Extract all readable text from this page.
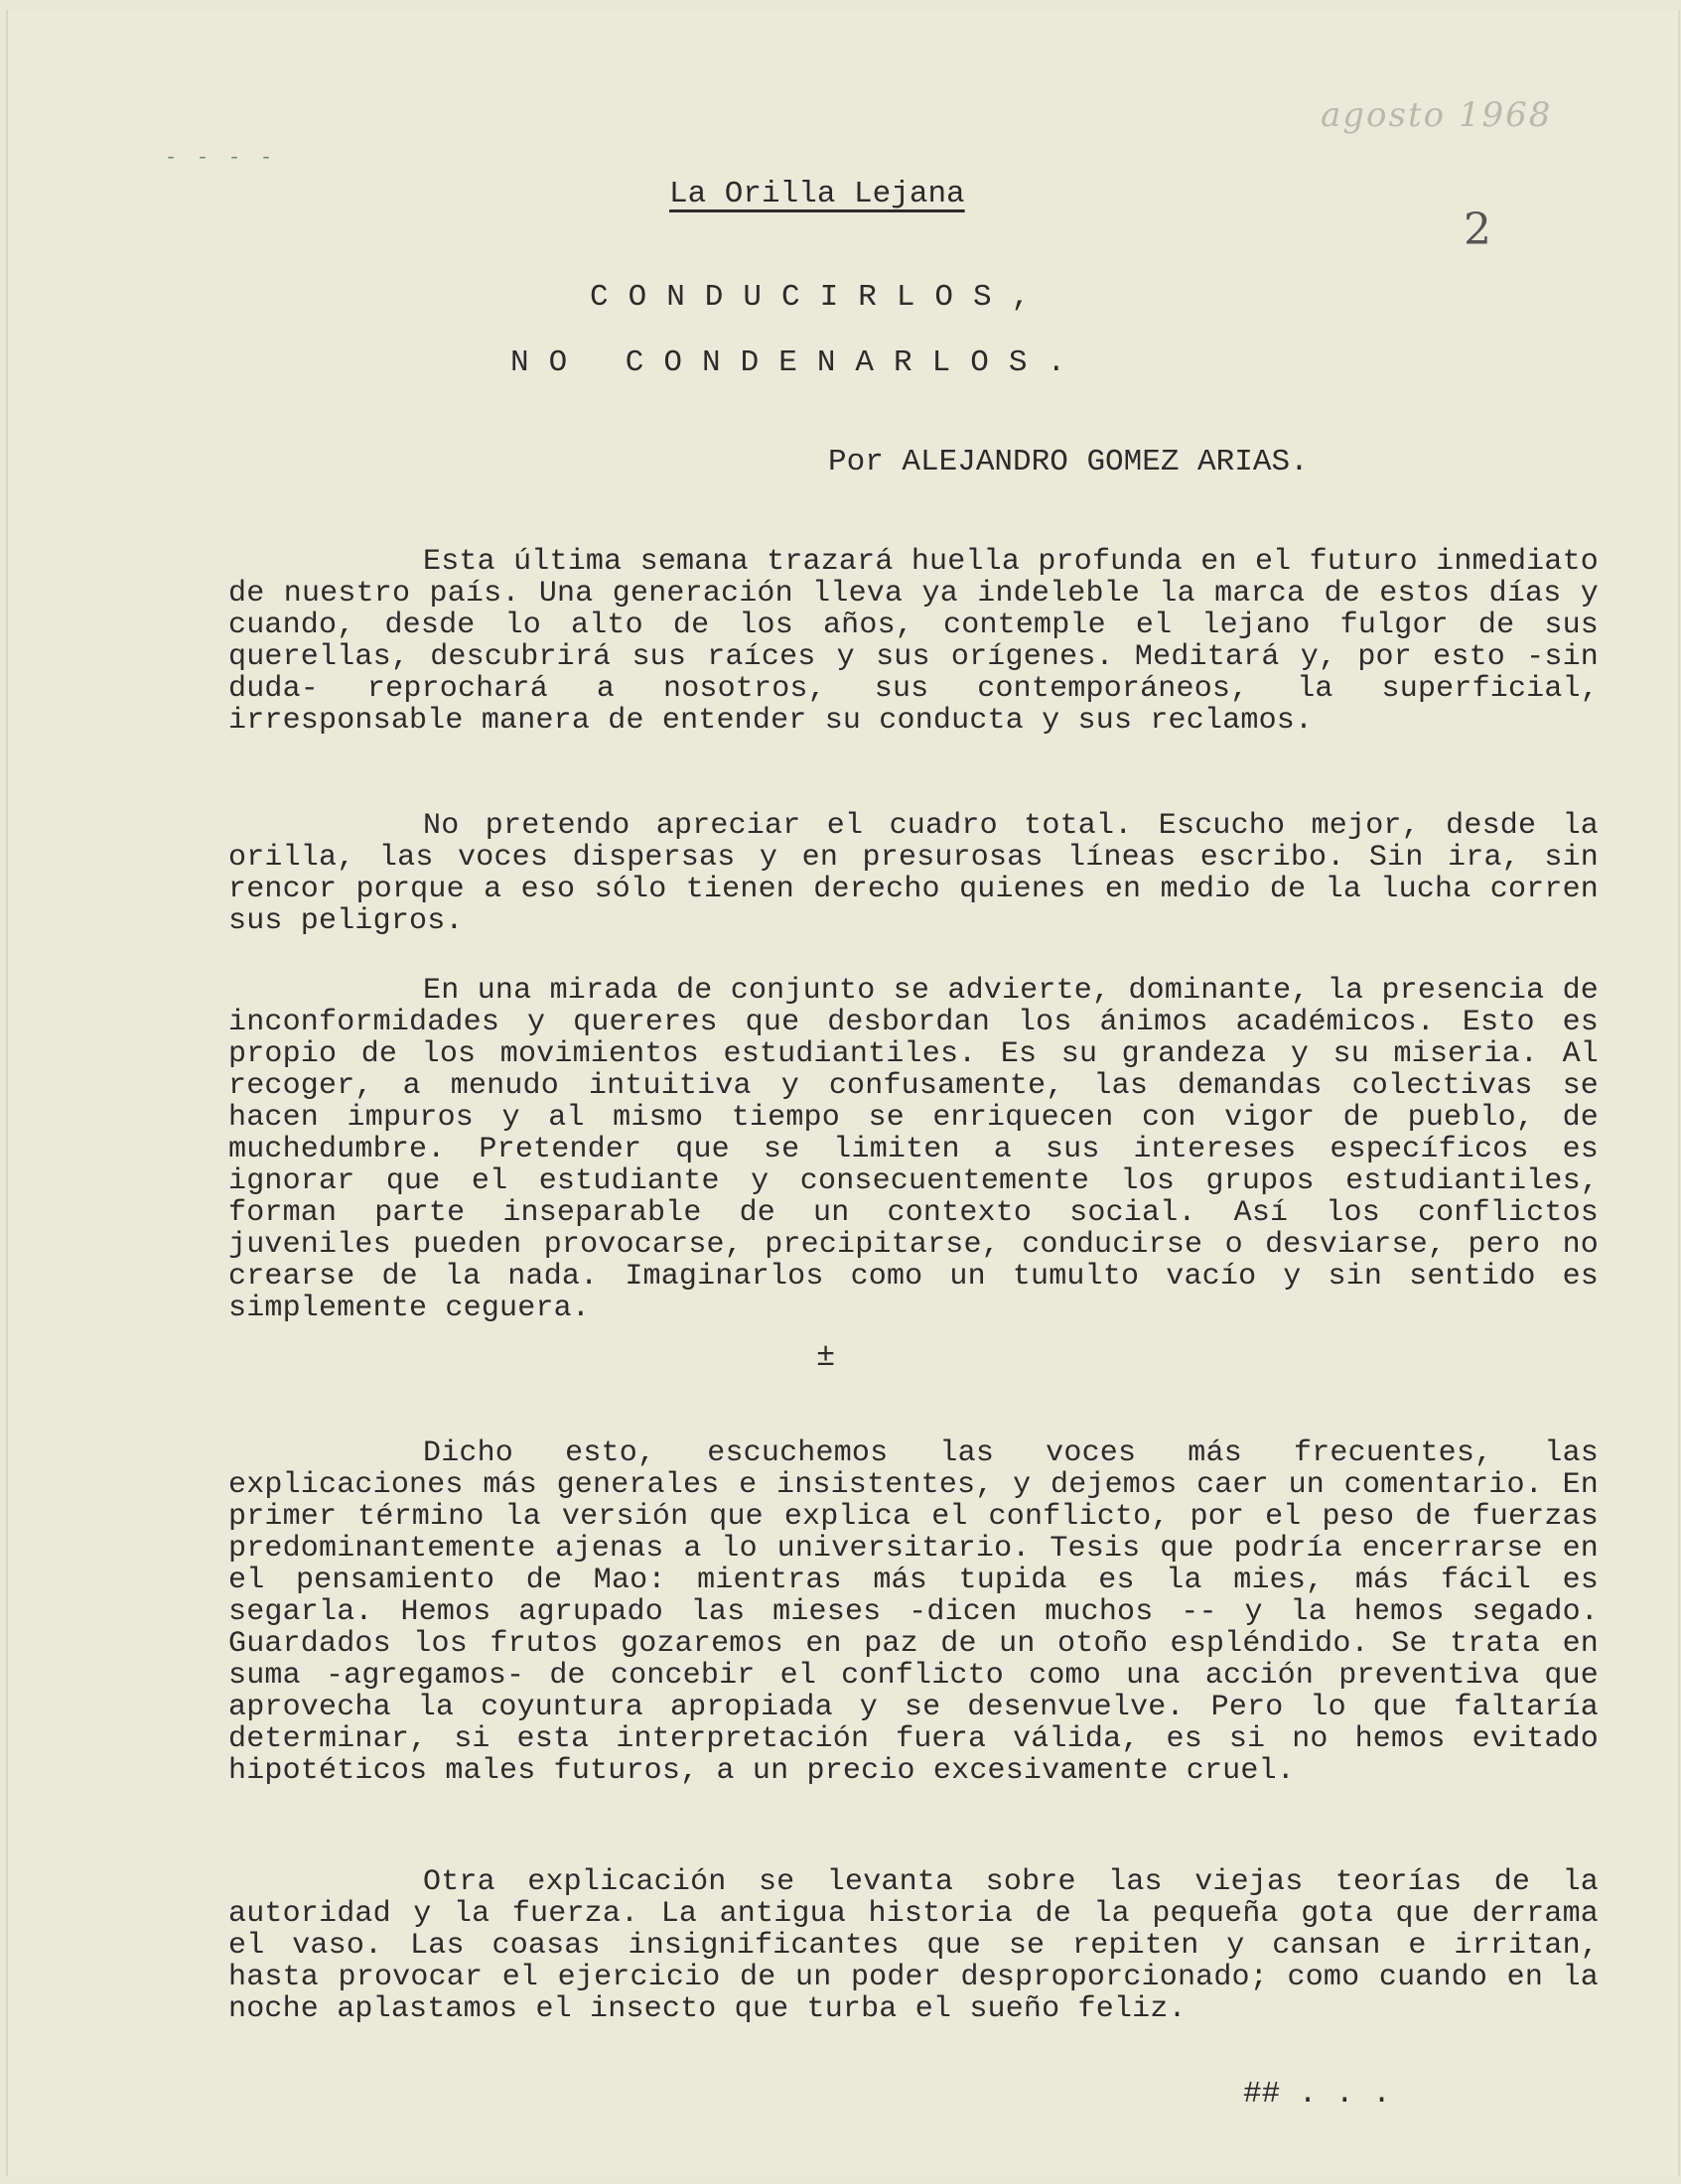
- - - -
agosto 1968
2
La Orilla Lejana
CONDUCIRLOS,
NO CONDENARLOS.
Por ALEJANDRO GOMEZ ARIAS.

Esta última semana trazará huella profunda en el futuro inmediato de nuestro país. Una generación lleva ya indeleble la marca de estos días y cuando, desde lo alto de los años, contemple el lejano fulgor de sus querellas, descubrirá sus raíces y sus orígenes. Meditará y, por esto -sin duda- reprochará a nosotros, sus contemporáneos, la superficial, irresponsable manera de entender su conducta y sus reclamos.

No pretendo apreciar el cuadro total. Escucho mejor, desde la orilla, las voces dispersas y en presurosas líneas escribo. Sin ira, sin rencor porque a eso sólo tienen derecho quienes en medio de la lucha corren sus peligros.

En una mirada de conjunto se advierte, dominante, la presencia de inconformidades y quereres que desbordan los ánimos académicos. Esto es propio de los movimientos estudiantiles. Es su grandeza y su miseria. Al recoger, a menudo intuitiva y confusamente, las demandas colectivas se hacen impuros y al mismo tiempo se enriquecen con vigor de pueblo, de muchedumbre. Pretender que se limiten a sus intereses específicos es ignorar que el estudiante y consecuentemente los grupos estudiantiles, forman parte inseparable de un contexto social. Así los conflictos juveniles pueden provocarse, precipitarse, conducirse o desviarse, pero no crearse de la nada. Imaginarlos como un tumulto vacío y sin sentido es simplemente ceguera.

±

Dicho esto, escuchemos las voces más frecuentes, las explicaciones más generales e insistentes, y dejemos caer un comentario. En primer término la versión que explica el conflicto, por el peso de fuerzas predominantemente ajenas a lo universitario. Tesis que podría encerrarse en el pensamiento de Mao: mientras más tupida es la mies, más fácil es segarla. Hemos agrupado las mieses -dicen muchos -- y la hemos segado. Guardados los frutos gozaremos en paz de un otoño espléndido. Se trata en suma -agregamos- de concebir el conflicto como una acción preventiva que aprovecha la coyuntura apropiada y se desenvuelve. Pero lo que faltaría determinar, si esta interpretación fuera válida, es si no hemos evitado hipotéticos males futuros, a un precio excesivamente cruel.

Otra explicación se levanta sobre las viejas teorías de la autoridad y la fuerza. La antigua historia de la pequeña gota que derrama el vaso. Las coasas insignificantes que se repiten y cansan e irritan, hasta provocar el ejercicio de un poder desproporcionado; como cuando en la noche aplastamos el insecto que turba el sueño feliz.

## . . .
